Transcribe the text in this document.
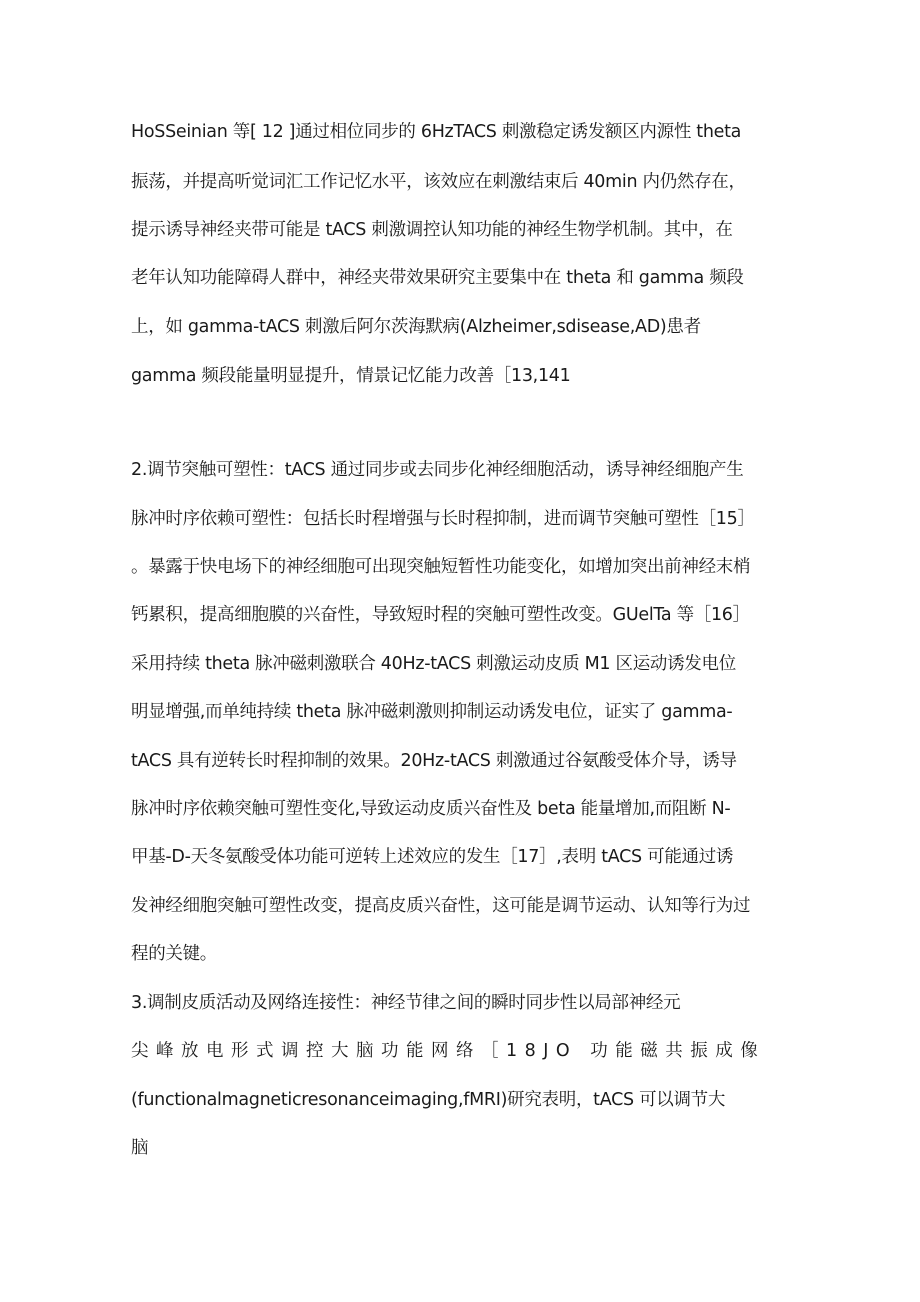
HoSSeinian 等[ 12 ]通过相位同步的 6HzTACS 刺激稳定诱发额区内源性 theta
振荡，并提高听觉词汇工作记忆水平，该效应在刺激结束后 40min 内仍然存在，
提示诱导神经夹带可能是 tACS 刺激调控认知功能的神经生物学机制。其中，在
老年认知功能障碍人群中，神经夹带效果研究主要集中在 theta 和 gamma 频段
上，如 gamma-tACS 刺激后阿尔茨海默病(Alzheimer,sdisease,AD)患者
gamma 频段能量明显提升，情景记忆能力改善［13,141
2.调节突触可塑性：tACS 通过同步或去同步化神经细胞活动，诱导神经细胞产生
脉冲时序依赖可塑性：包括长时程增强与长时程抑制，进而调节突触可塑性［15］
。暴露于快电场下的神经细胞可出现突触短暂性功能变化，如增加突出前神经末梢
钙累积，提高细胞膜的兴奋性，导致短时程的突触可塑性改变。GUelTa 等［16］
采用持续 theta 脉冲磁刺激联合 40Hz-tACS 刺激运动皮质 M1 区运动诱发电位
明显增强,而单纯持续 theta 脉冲磁刺激则抑制运动诱发电位，证实了 gamma-
tACS 具有逆转长时程抑制的效果。20Hz-tACS 刺激通过谷氨酸受体介导，诱导
脉冲时序依赖突触可塑性变化,导致运动皮质兴奋性及 beta 能量增加,而阻断 N-
甲基-D-天冬氨酸受体功能可逆转上述效应的发生［17］,表明 tACS 可能通过诱
发神经细胞突触可塑性改变，提高皮质兴奋性，这可能是调节运动、认知等行为过
程的关键。
3.调制皮质活动及网络连接性：神经节律之间的瞬时同步性以局部神经元
尖峰放电形式调控大脑功能网络［18JO 功能磁共振成像
(functionalmagneticresonanceimaging,fMRI)研究表明，tACS 可以调节大
脑
